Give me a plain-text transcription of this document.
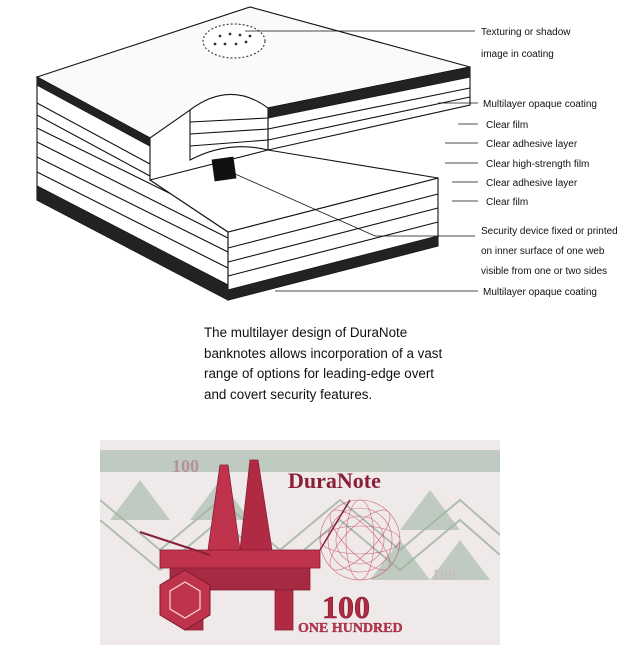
Texturing or shadow
image in coating
Multilayer opaque coating
Clear film
Clear adhesive layer
Clear high-strength film
Clear adhesive layer
Clear film
Security device fixed or printed
on inner surface of one web
visible from one or two sides
Multilayer opaque coating
The multilayer design of DuraNote
banknotes allows incorporation of a vast
range of options for leading-edge overt
and covert security features.
100
DuraNote
100
100
ONE HUNDRED
